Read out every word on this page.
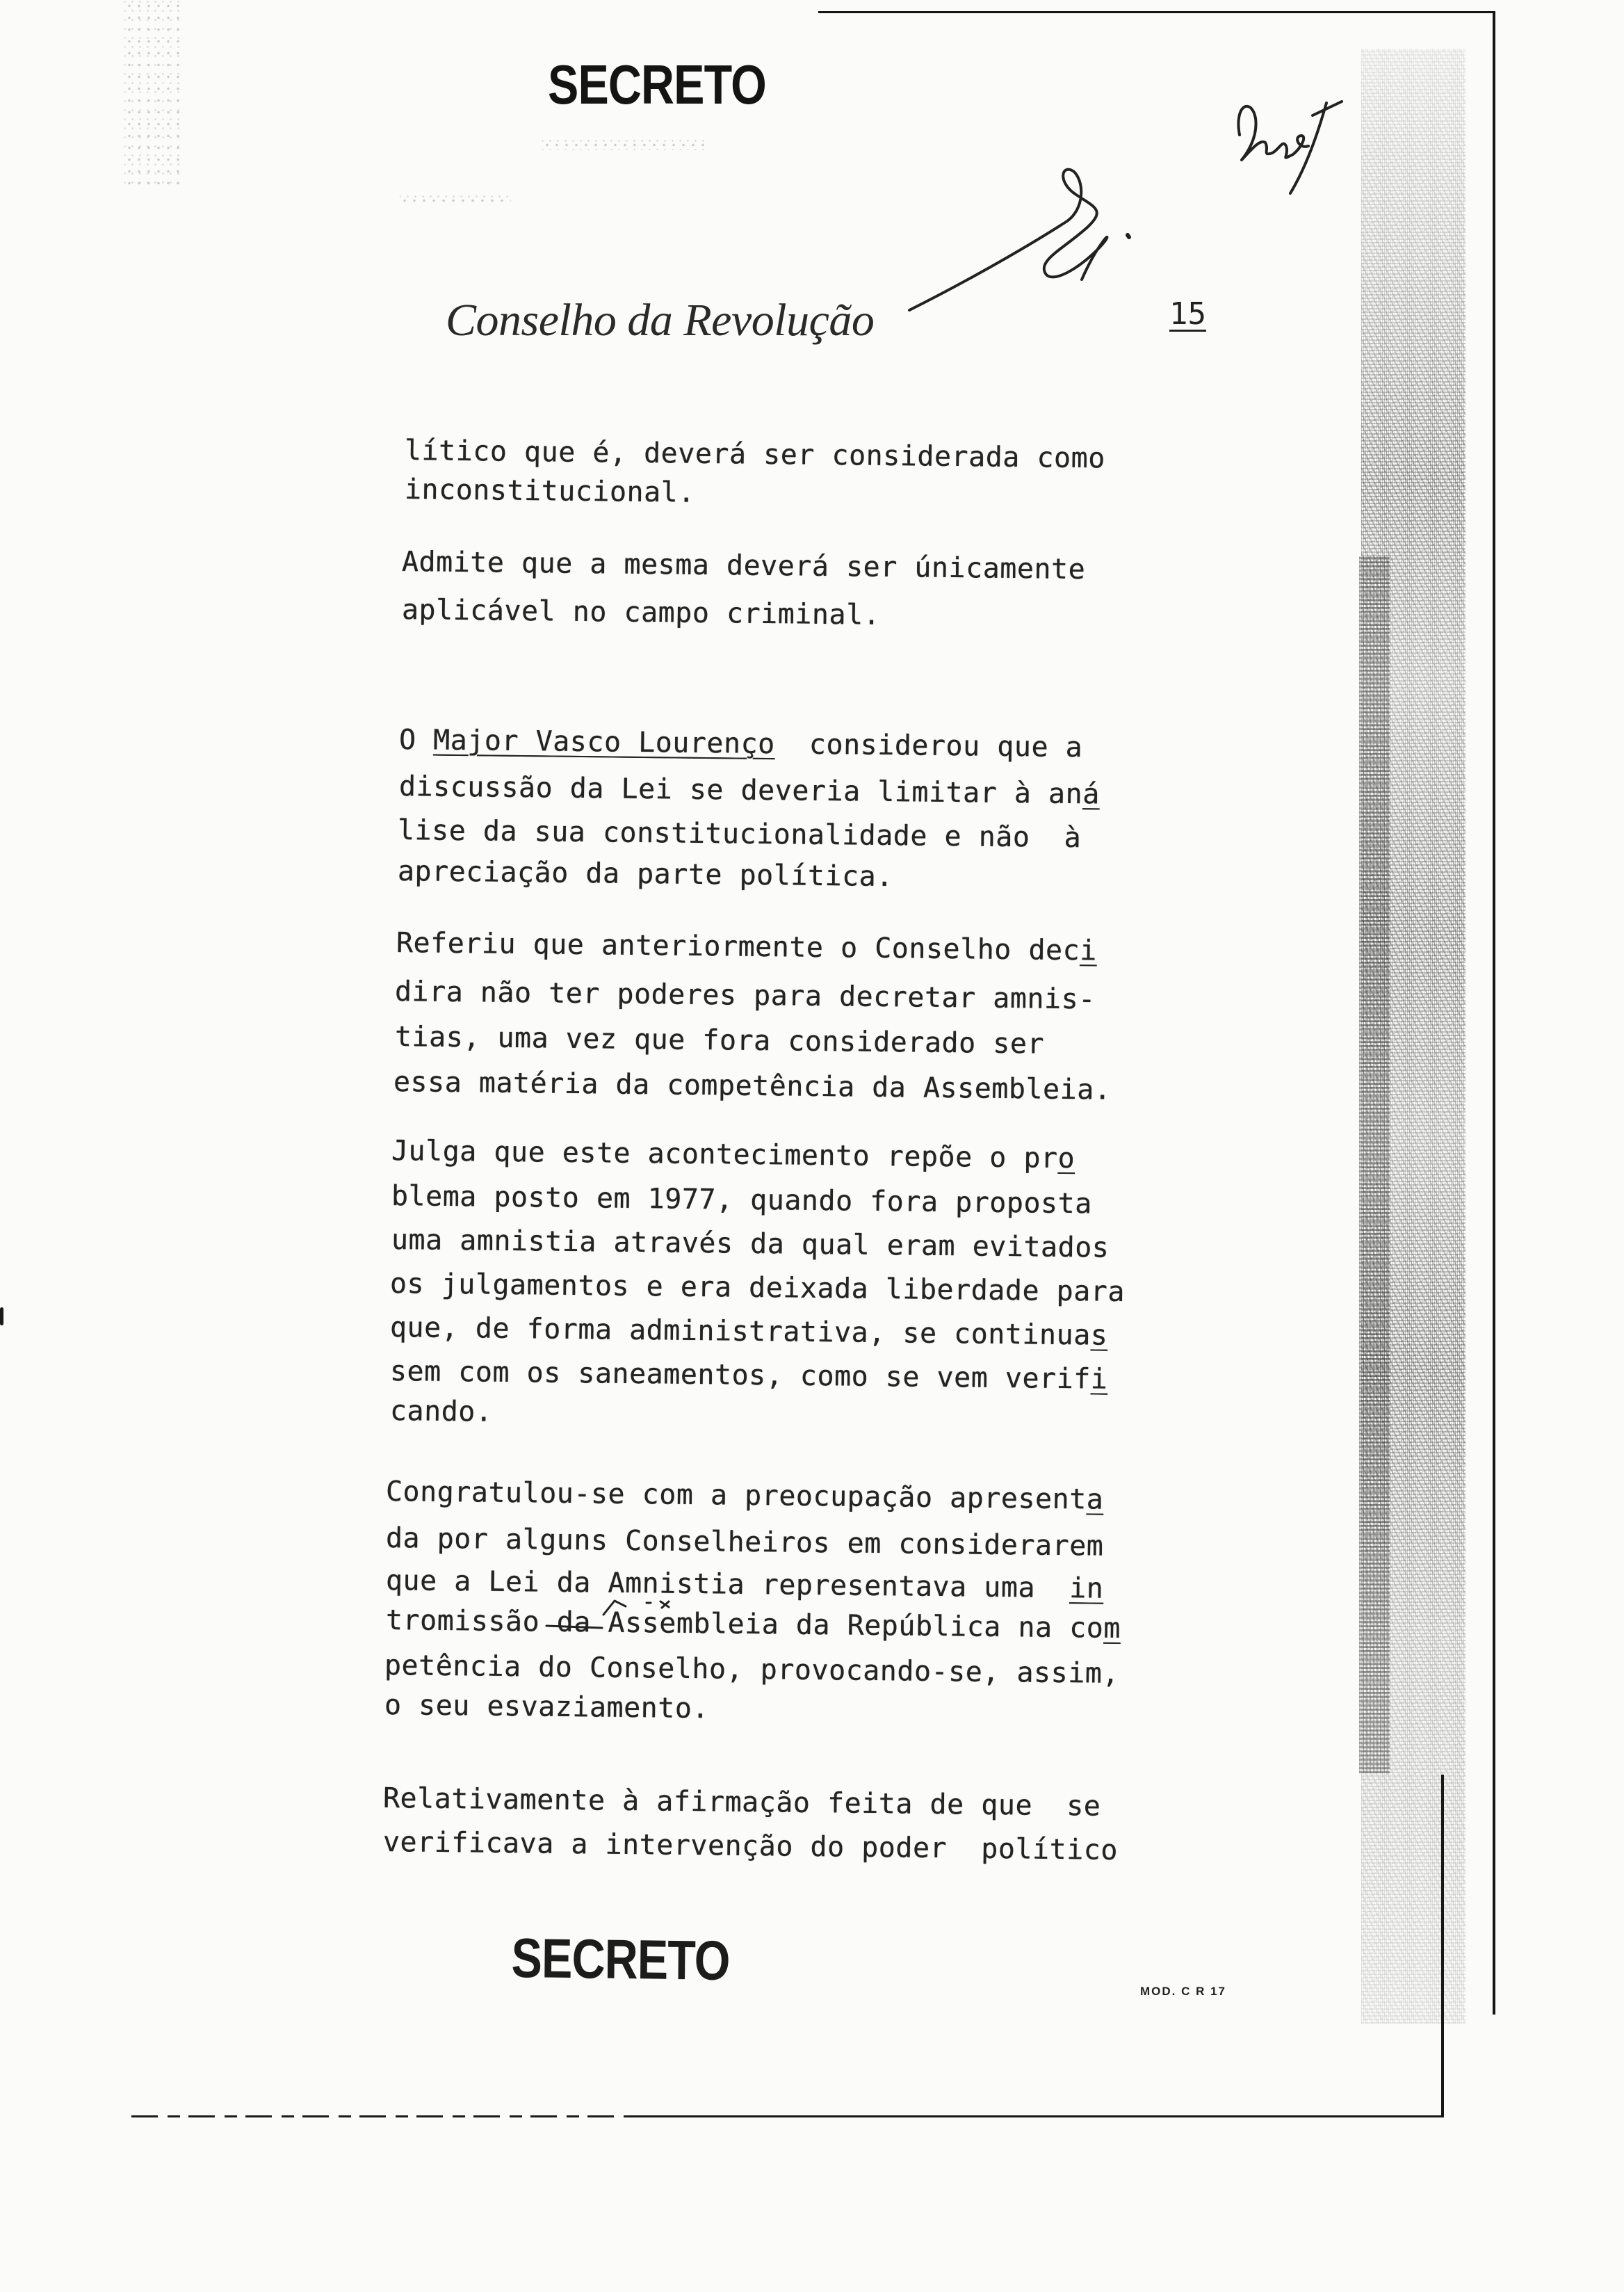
SECRETO
Conselho da Revolução	15
lítico que é, deverá ser considerada como
inconstitucional.
Admite que a mesma deverá ser únicamente
aplicável no campo criminal.
O Major Vasco Lourenço  considerou que a
discussão da Lei se deveria limitar à aná
lise da sua constitucionalidade e não  à
apreciação da parte política.
Referiu que anteriormente o Conselho deci
dira não ter poderes para decretar amnis-
tias, uma vez que fora considerado ser
essa matéria da competência da Assembleia.
Julga que este acontecimento repõe o pro
blema posto em 1977, quando fora proposta
uma amnistia através da qual eram evitados
os julgamentos e era deixada liberdade para
que, de forma administrativa, se continuas
sem com os saneamentos, como se vem verifi
cando.
Congratulou-se com a preocupação apresenta
da por alguns Conselheiros em considerarem
que a Lei da Amnistia representava uma  in
tromissão da Assembleia da República na com
petência do Conselho, provocando-se, assim,
o seu esvaziamento.
Relativamente à afirmação feita de que  se
verificava a intervenção do poder  político
SECRETO	MOD. C R 17
